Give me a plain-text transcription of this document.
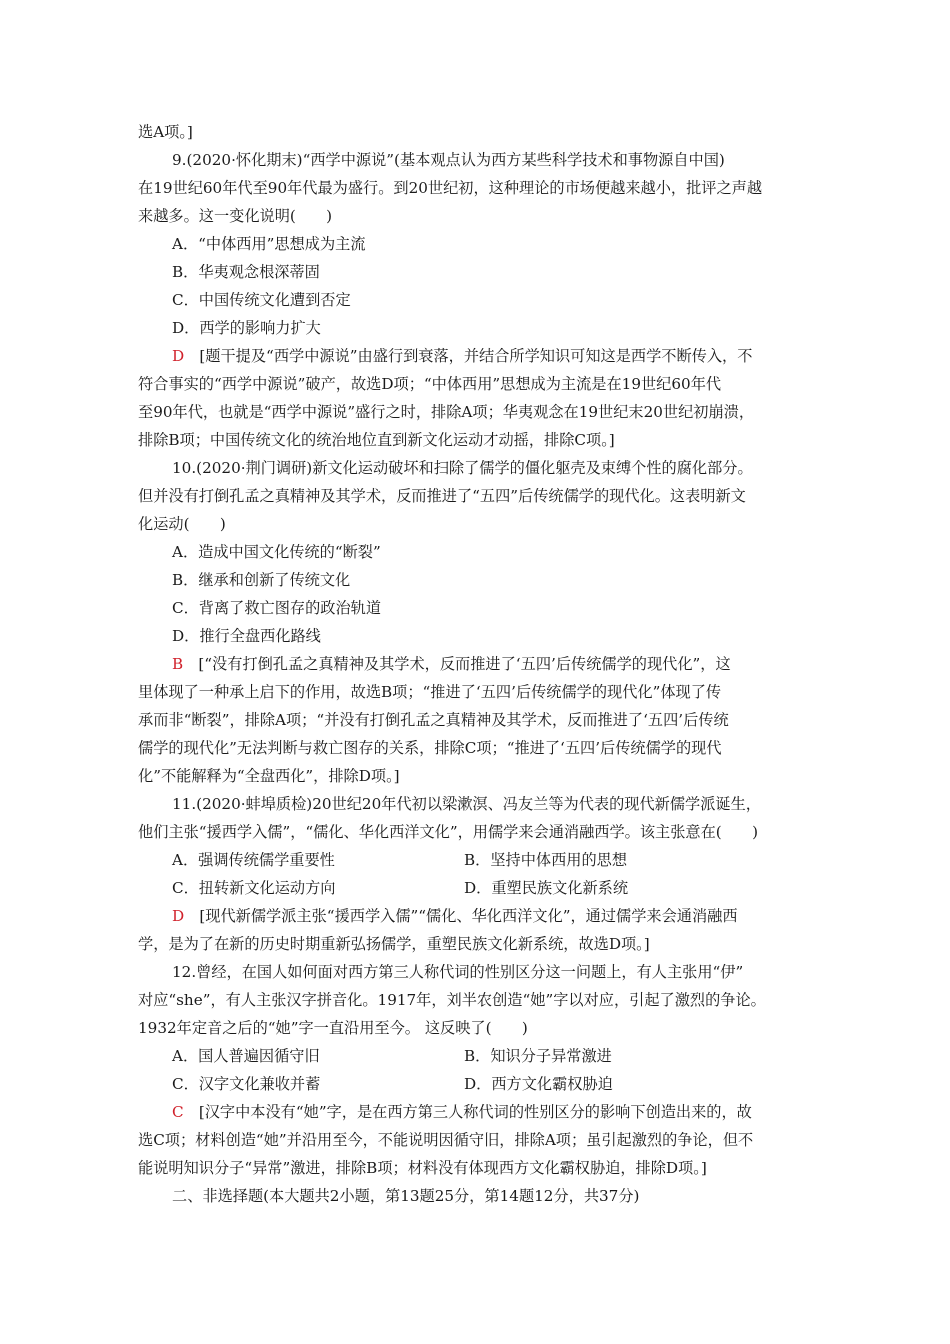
选A项。]
9.(2020·怀化期末)“西学中源说”(基本观点认为西方某些科学技术和事物源自中国)
在19世纪60年代至90年代最为盛行。到20世纪初，这种理论的市场便越来越小，批评之声越
来越多。这一变化说明(　　)
A．“中体西用”思想成为主流
B．华夷观念根深蒂固
C．中国传统文化遭到否定
D．西学的影响力扩大
D　[题干提及“西学中源说”由盛行到衰落，并结合所学知识可知这是西学不断传入，不
符合事实的“西学中源说”破产，故选D项；“中体西用”思想成为主流是在19世纪60年代
至90年代，也就是“西学中源说”盛行之时，排除A项；华夷观念在19世纪末20世纪初崩溃，
排除B项；中国传统文化的统治地位直到新文化运动才动摇，排除C项。]
10.(2020·荆门调研)新文化运动破坏和扫除了儒学的僵化躯壳及束缚个性的腐化部分。
但并没有打倒孔孟之真精神及其学术，反而推进了“五四”后传统儒学的现代化。这表明新文
化运动(　　)
A．造成中国文化传统的“断裂”
B．继承和创新了传统文化
C．背离了救亡图存的政治轨道
D．推行全盘西化路线
B　[“没有打倒孔孟之真精神及其学术，反而推进了‘五四’后传统儒学的现代化”，这
里体现了一种承上启下的作用，故选B项；“推进了‘五四’后传统儒学的现代化”体现了传
承而非“断裂”，排除A项；“并没有打倒孔孟之真精神及其学术，反而推进了‘五四’后传统
儒学的现代化”无法判断与救亡图存的关系，排除C项；“推进了‘五四’后传统儒学的现代
化”不能解释为“全盘西化”，排除D项。]
11.(2020·蚌埠质检)20世纪20年代初以梁漱溟、冯友兰等为代表的现代新儒学派诞生，
他们主张“援西学入儒”，“儒化、华化西洋文化”，用儒学来会通消融西学。该主张意在(　　)
A．强调传统儒学重要性	B．坚持中体西用的思想
C．扭转新文化运动方向	D．重塑民族文化新系统
D　[现代新儒学派主张“援西学入儒”“儒化、华化西洋文化”，通过儒学来会通消融西
学，是为了在新的历史时期重新弘扬儒学，重塑民族文化新系统，故选D项。]
12.曾经，在国人如何面对西方第三人称代词的性别区分这一问题上，有人主张用“伊”
对应“she”，有人主张汉字拼音化。1917年，刘半农创造“她”字以对应，引起了激烈的争论。
1932年定音之后的“她”字一直沿用至今。 这反映了(　　)
A．国人普遍因循守旧	B．知识分子异常激进
C．汉字文化兼收并蓄	D．西方文化霸权胁迫
C　[汉字中本没有“她”字，是在西方第三人称代词的性别区分的影响下创造出来的，故
选C项；材料创造“她”并沿用至今，不能说明因循守旧，排除A项；虽引起激烈的争论，但不
能说明知识分子“异常”激进，排除B项；材料没有体现西方文化霸权胁迫，排除D项。]
二、非选择题(本大题共2小题，第13题25分，第14题12分，共37分)
